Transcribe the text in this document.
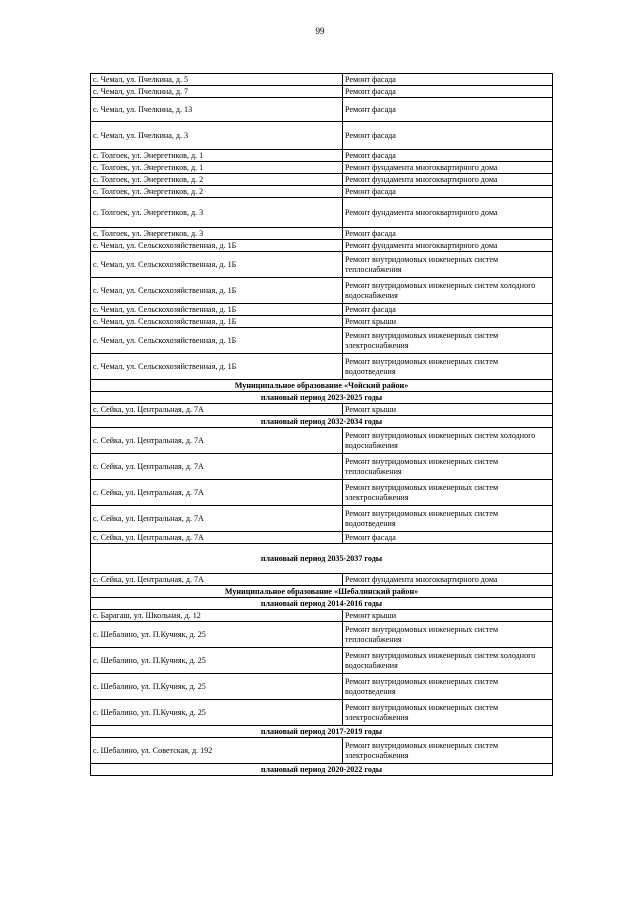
99
с. Чемал, ул. Пчелкина, д. 5	Ремонт фасада
с. Чемал, ул. Пчелкина, д. 7	Ремонт фасада
с. Чемал, ул. Пчелкина, д. 13	Ремонт фасада
с. Чемал, ул. Пчелкина, д. 3	Ремонт фасада
с. Толгоек, ул. Энергетиков, д. 1	Ремонт фасада
с. Толгоек, ул. Энергетиков, д. 1	Ремонт фундамента многоквартирного дома
с. Толгоек, ул. Энергетиков, д. 2	Ремонт фундамента многоквартирного дома
с. Толгоек, ул. Энергетиков, д. 2	Ремонт фасада
с. Толгоек, ул. Энергетиков, д. 3	Ремонт фундамента многоквартирного дома
с. Толгоек, ул. Энергетиков, д. 3	Ремонт фасада
с. Чемал, ул. Сельскохозяйственная, д. 1Б	Ремонт фундамента многоквартирного дома
с. Чемал, ул. Сельскохозяйственная, д. 1Б	Ремонт внутридомовых инженерных систем теплоснабжения
с. Чемал, ул. Сельскохозяйственная, д. 1Б	Ремонт внутридомовых инженерных систем холодного водоснабжения
с. Чемал, ул. Сельскохозяйственная, д. 1Б	Ремонт фасада
с. Чемал, ул. Сельскохозяйственная, д. 1Б	Ремонт крыши
с. Чемал, ул. Сельскохозяйственная, д. 1Б	Ремонт внутридомовых инженерных систем электроснабжения
с. Чемал, ул. Сельскохозяйственная, д. 1Б	Ремонт внутридомовых инженерных систем водоотведения
Муниципальное образование «Чойский район»	
плановый период 2023-2025 годы	
с. Сейка, ул. Центральная, д. 7А	Ремонт крыши
плановый период 2032-2034 годы	
с. Сейка, ул. Центральная, д. 7А	Ремонт внутридомовых инженерных систем холодного водоснабжения
с. Сейка, ул. Центральная, д. 7А	Ремонт внутридомовых инженерных систем теплоснабжения
с. Сейка, ул. Центральная, д. 7А	Ремонт внутридомовых инженерных систем электроснабжения
с. Сейка, ул. Центральная, д. 7А	Ремонт внутридомовых инженерных систем водоотведения
с. Сейка, ул. Центральная, д. 7А	Ремонт фасада
плановый период 2035-2037 годы	
с. Сейка, ул. Центральная, д. 7А	Ремонт фундамента многоквартирного дома
Муниципальное образование «Шебалинский район»	
плановый период 2014-2016 годы	
с. Барагаш, ул. Школьная, д. 12	Ремонт крыши
с. Шебалино, ул. П.Кучияк, д. 25	Ремонт внутридомовых инженерных систем теплоснабжения
с. Шебалино, ул. П.Кучияк, д. 25	Ремонт внутридомовых инженерных систем холодного водоснабжения
с. Шебалино, ул. П.Кучияк, д. 25	Ремонт внутридомовых инженерных систем водоотведения
с. Шебалино, ул. П.Кучияк, д. 25	Ремонт внутридомовых инженерных систем электроснабжения
плановый период 2017-2019 годы	
с. Шебалино, ул. Советская, д. 192	Ремонт внутридомовых инженерных систем электроснабжения
плановый период 2020-2022 годы	
